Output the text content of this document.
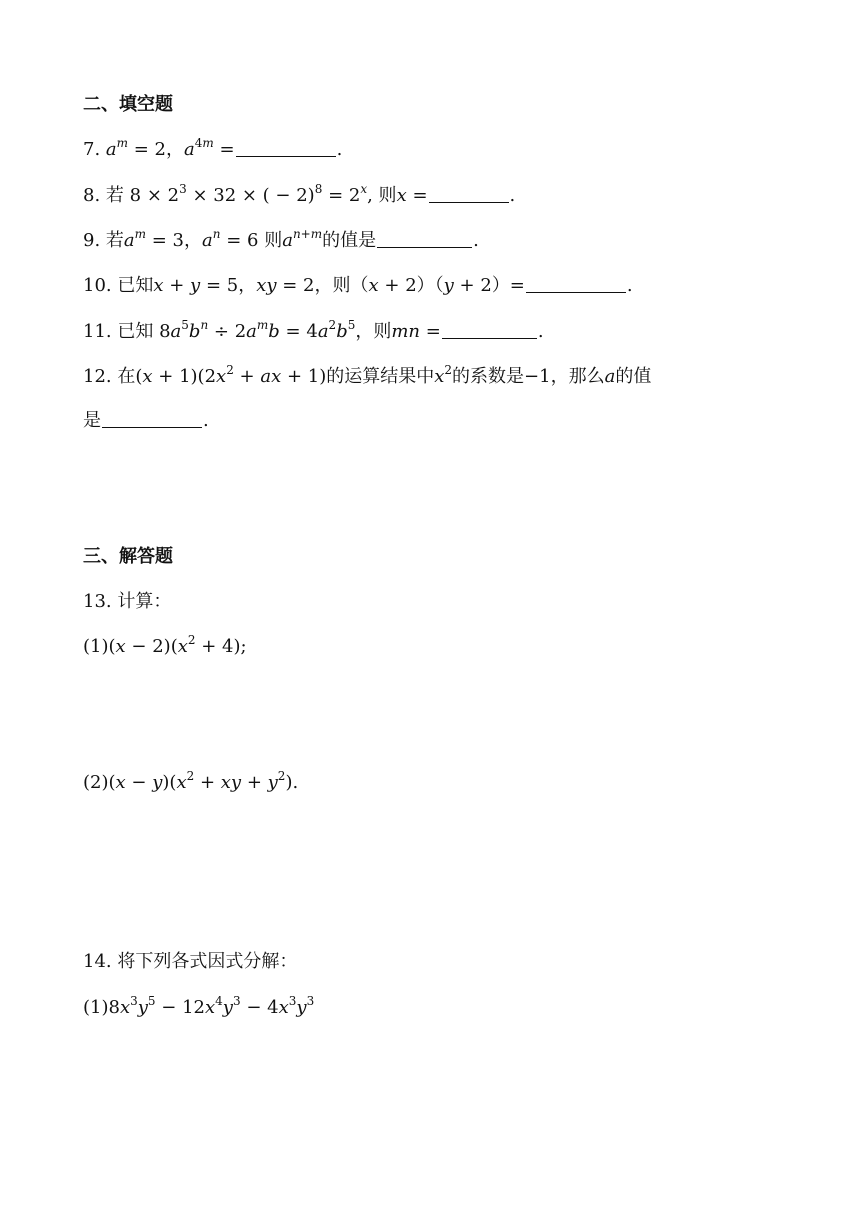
二、填空题
7. $a^m = 2$，$a^{4m}$ =	.
8. 若 $8 \times 2^3 \times 32$ × ( − $2)^8 = 2^x$, 则x =	.
9. 若$a^m = 3$，$a^n = 6$ 则$a^{n+m}$的值是	.
10. 已知x + y = 5，xy = 2，则（x + 2）（y + 2）=	.
11. 已知 $8a^5b^n \div 2a^mb = 4a^2b^5$，则mn =	.
12. 在$(x + 1)(2x^2$ + ax + 1)的运算结果中$x^2$的系数是−1，那么a的值
是	.
三、解答题
13. 计算：
$(1)(x - 2)(x^2 + 4)$;
$(2)(x - y)(x^2$ + xy + $y^2$).
14. 将下列各式因式分解：
$(1)8x^3y^5 - 12x^4y^3 - 4x^3y^3$
